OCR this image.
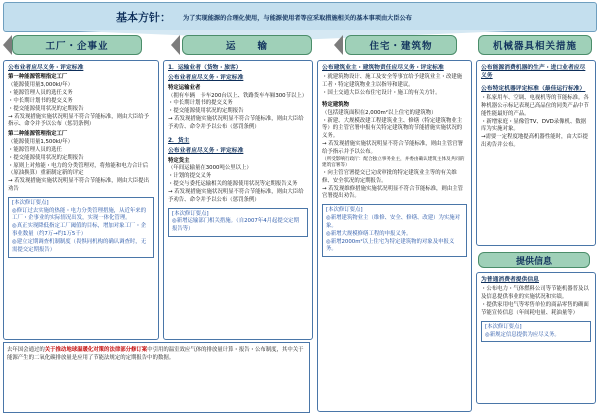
基本方针： 为了实现能源的合理化使用，与能源使用者等应采取措施相关的基本事项由大臣公布
工厂・企事业	运　　输	住宅・建筑物	机械器具相关措施
公布业者应尽义务・评定标准
第一种能源管理指定工厂
（能源使用量3,000kl/年）
・能源管理人员的选任义务
・中长期计划书的提交义务
・提交能源使用状况的定期报告
→ 若发现措施实施状况明显不符合节能标准，则由大臣给予指示、命令并予以公布（惩罚条例）
第二种能源管理指定工厂
（能源使用量1,500kl/年）
・能源管理人员的选任
・提交能源使用状况的定期报告
・原则上对热能・电力的分类管理对，将热能和电力合计后（原油换算）重新制定新的评定
→ 若发现措施实施状况明显不符合节能标准，则由大臣提出劝告
[本次修订要点]
◎修订过去实施的热能・电力分类管理措施，从近年来的工厂・企事业的实际情况出发，实现一体化管理。
◎真正实现降低指定工厂阈值的目标，增加对象工厂・企事业数量（约7万→约1万5千）
◎建立定期调查机制制度（畏惧同机构的确认调查时，无需提交定期报告）
1．运输业者（货物・旅客）
公布业者应尽义务・评定标准
特定运输业者
（拥有车辆　卡车200台以上、铁路货车车厢300节以上）
・中长期计划书的提交义务
・提交能源使用状况的定期报告
→ 若发现措施实施状况明显不符合节能标准，则由大臣给予劝告、命令并予以公布（惩罚条例）
2．货主
公布业者应尽义务・评定标准
特定货主
（年间运输量在3000吨公里以上）
・计划的提交义务
・提交与委托运输相关的能源使用状况等定期报告义务
→ 若发现措施实施状况明显不符合节能标准，则由大臣给予劝告、命令并予以公布（惩罚条例）
[本次修订要点]
◎新增运输部门相关措施。（自2007年4月起提交定期报告等）
公布建筑业主・建筑物责任应尽义务・评定标准
・就建筑物设计、施工及安全等事宜给予建筑业主・改建施工者・特定建筑物业主以指导和建议。
・国土交通大臣公布住宅设计・施工的有关方针。
特定建筑物
（包括建筑面积在2,000m²以上住宅的建筑物）
・新建、大规模改建工程建筑业主、修缮（特定建筑物业主等）的主管官署申报有关特定建筑物的节能措施实施状况的义务。
→ 若发现措施实施状况明显不符合节能标准，则由主管官署给予指示并予以公布。
（所受影响行政厅：配合独立事务业主，并委由确认建筑主体及共同的建筑官署等）
・向主管官署提交已完成审批的特定建筑业主等的有关维修、安全状况的定期报告。
→ 若发现维修措施实施状况明显不符合节能标准，则由主管官署提出劝告。
[本次修订要点]
◎新增建筑物业主（维修、安全、修缮、改建）为实施对象。
◎新增大规模修缮工程的申报义务。
◎新增2000m²以上住宅为特定建筑物的对象及申报义务。
公布能源消费机器的生产・进口业者应尽义务
公布特定机器评定标准（最佳运行标准）
・私家用车、空调、电视机等的节能标准。各种机器公示标记表现已高品位的同类产品中节能性能最好的产品。
・新增家庭・显像管TV、DVD录像机、数据库为实施对象。
→需要一定程度地提高机器性能时，由大臣提出劝告并公布。
提供信息
为普通消费者提供信息
・公布电力・气体燃料公司等节能机器普及以及信息提供事业的实施状况和实绩。
・提供家用电气等零售单位的商品零售的确面节能宣传信息（年间耗电量、耗油量等）
[本次修订要点]
◎新规定信息提供为应尽义务。
去年国会通过的关于推动地球温暖化对策的法律部分修订案中引用的温室效应气体的排放量计算・报告・公布制度，其中关于能源产生的二氧化碳排放量是应用了节能法规定的定期报告中的数据。
